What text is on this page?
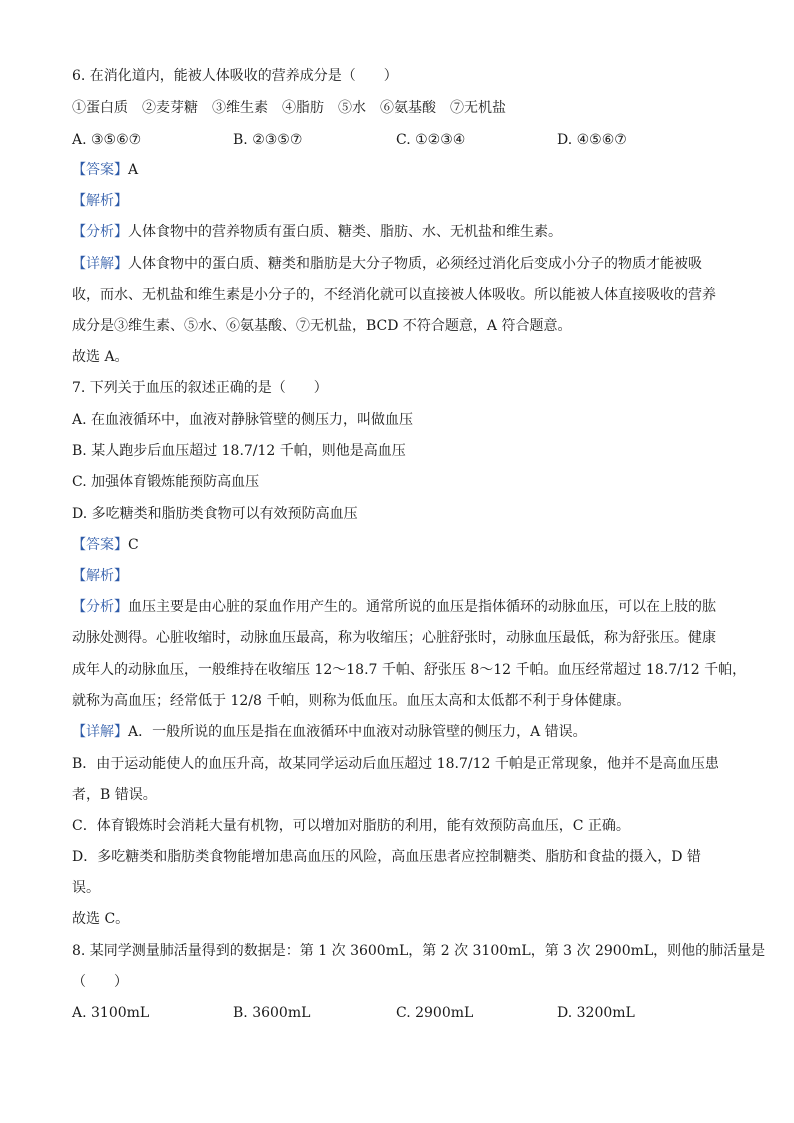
6. 在消化道内，能被人体吸收的营养成分是（　　）
①蛋白质　②麦芽糖　③维生素　④脂肪　⑤水　⑥氨基酸　⑦无机盐
A. ③⑤⑥⑦	B. ②③⑤⑦	C. ①②③④	D. ④⑤⑥⑦
【答案】A
【解析】
【分析】人体食物中的营养物质有蛋白质、糖类、脂肪、水、无机盐和维生素。
【详解】人体食物中的蛋白质、糖类和脂肪是大分子物质，必须经过消化后变成小分子的物质才能被吸
收，而水、无机盐和维生素是小分子的，不经消化就可以直接被人体吸收。所以能被人体直接吸收的营养
成分是③维生素、⑤水、⑥氨基酸、⑦无机盐，BCD 不符合题意，A 符合题意。
故选 A。
7. 下列关于血压的叙述正确的是（　　）
A. 在血液循环中，血液对静脉管壁的侧压力，叫做血压
B. 某人跑步后血压超过 18.7/12 千帕，则他是高血压
C. 加强体育锻炼能预防高血压
D. 多吃糖类和脂肪类食物可以有效预防高血压
【答案】C
【解析】
【分析】血压主要是由心脏的泵血作用产生的。通常所说的血压是指体循环的动脉血压，可以在上肢的肱
动脉处测得。心脏收缩时，动脉血压最高，称为收缩压；心脏舒张时，动脉血压最低，称为舒张压。健康
成年人的动脉血压，一般维持在收缩压 12～18.7 千帕、舒张压 8～12 千帕。血压经常超过 18.7/12 千帕，
就称为高血压；经常低于 12/8 千帕，则称为低血压。血压太高和太低都不利于身体健康。
【详解】A．一般所说的血压是指在血液循环中血液对动脉管壁的侧压力，A 错误。
B．由于运动能使人的血压升高，故某同学运动后血压超过 18.7/12 千帕是正常现象，他并不是高血压患
者，B 错误。
C．体育锻炼时会消耗大量有机物，可以增加对脂肪的利用，能有效预防高血压，C 正确。
D．多吃糖类和脂肪类食物能增加患高血压的风险，高血压患者应控制糖类、脂肪和食盐的摄入，D 错
误。
故选 C。
8. 某同学测量肺活量得到的数据是：第 1 次 3600mL，第 2 次 3100mL，第 3 次 2900mL，则他的肺活量是
（　　）
A. 3100mL	B. 3600mL	C. 2900mL	D. 3200mL
